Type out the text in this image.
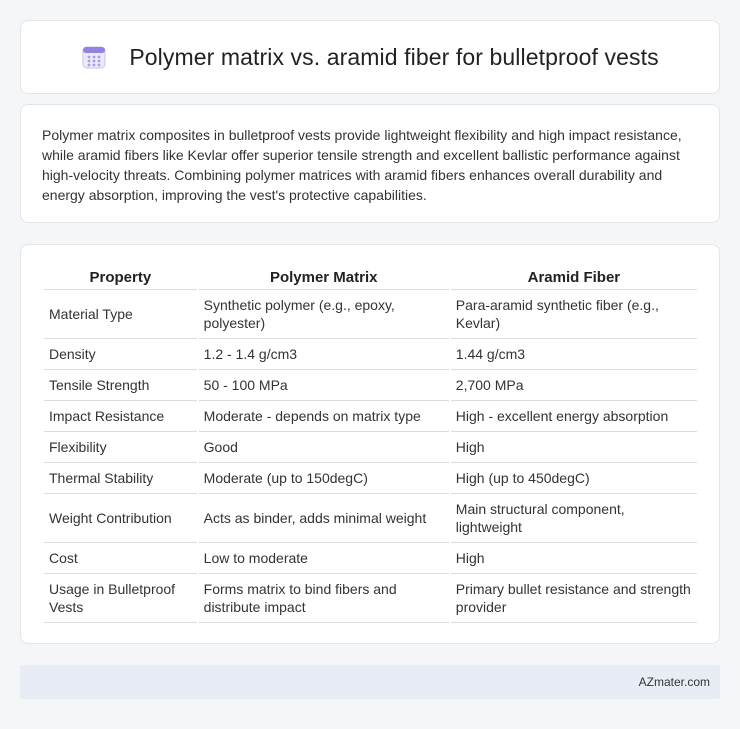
Polymer matrix vs. aramid fiber for bulletproof vests

Polymer matrix composites in bulletproof vests provide lightweight flexibility and high impact resistance, while aramid fibers like Kevlar offer superior tensile strength and excellent ballistic performance against high-velocity threats. Combining polymer matrices with aramid fibers enhances overall durability and energy absorption, improving the vest's protective capabilities.

Property	Polymer Matrix	Aramid Fiber
Material Type	Synthetic polymer (e.g., epoxy, polyester)	Para-aramid synthetic fiber (e.g., Kevlar)
Density	1.2 - 1.4 g/cm3	1.44 g/cm3
Tensile Strength	50 - 100 MPa	2,700 MPa
Impact Resistance	Moderate - depends on matrix type	High - excellent energy absorption
Flexibility	Good	High
Thermal Stability	Moderate (up to 150degC)	High (up to 450degC)
Weight Contribution	Acts as binder, adds minimal weight	Main structural component, lightweight
Cost	Low to moderate	High
Usage in Bulletproof Vests	Forms matrix to bind fibers and distribute impact	Primary bullet resistance and strength provider
AZmater.com
